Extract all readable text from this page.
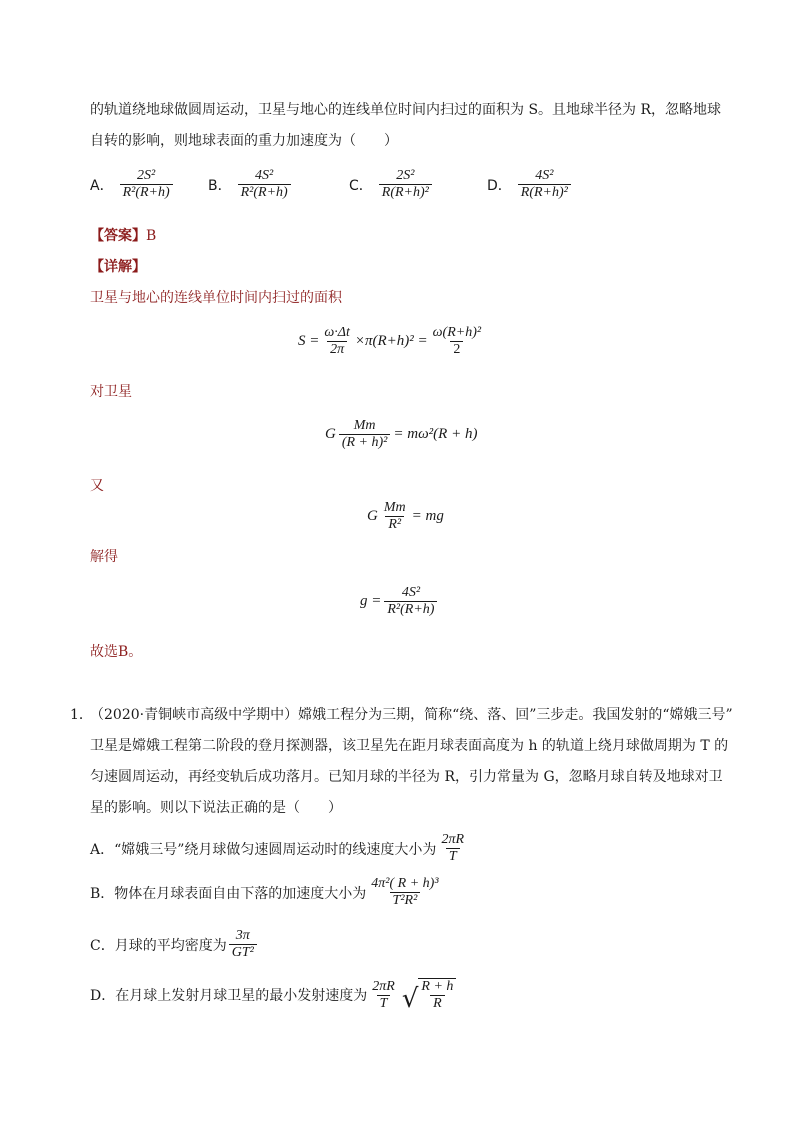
的轨道绕地球做圆周运动，卫星与地心的连线单位时间内扫过的面积为 S。且地球半径为 R，忽略地球
自转的影响，则地球表面的重力加速度为（　　）
A． $\frac{\text{2S²}}{\text{R²(R+h)}}$	B． $\frac{\text{4S²}}{\text{R²(R+h)}}$	C． $\frac{\text{2S²}}{\text{R(R+h)²}}$	D． $\frac{\text{4S²}}{\text{R(R+h)²}}$
【答案】B
【详解】
卫星与地心的连线单位时间内扫过的面积
$S = \frac{\omega\cdot\Delta t}{2\pi} \times\pi(R+h)^2 = \frac{\text{ω(R+h)²}}{2}$
对卫星
G $\frac{Mm}{\text{(R + h)²}} = m\omega^2(R + h)$
又
G $\frac{Mm}{\text{R²}}$ = mg
解得
$g = \frac{\text{4S²}}{\text{R²(R+h)}}$
故选B。
1．
（2020·青铜峡市高级中学期中）嫦娥工程分为三期，简称“绕、落、回”三步走。我国发射的“嫦娥三号”
卫星是嫦娥工程第二阶段的登月探测器，该卫星先在距月球表面高度为 h 的轨道上绕月球做周期为 T 的
匀速圆周运动，再经变轨后成功落月。已知月球的半径为 R，引力常量为 G，忽略月球自转及地球对卫
星的影响。则以下说法正确的是（　　）
A．“嫦娥三号”绕月球做匀速圆周运动时的线速度大小为 $\frac{2\pi R}{T}$
B．物体在月球表面自由下落的加速度大小为 $\frac{\text{4π²( R + h)³}}{\text{T²R²}}$
C．月球的平均密度为 $\frac{3\pi}{\text{GT²}}$
D．在月球上发射月球卫星的最小发射速度为 $\frac{2\pi R}{T}$ √ $\frac{R + h}{R}$
